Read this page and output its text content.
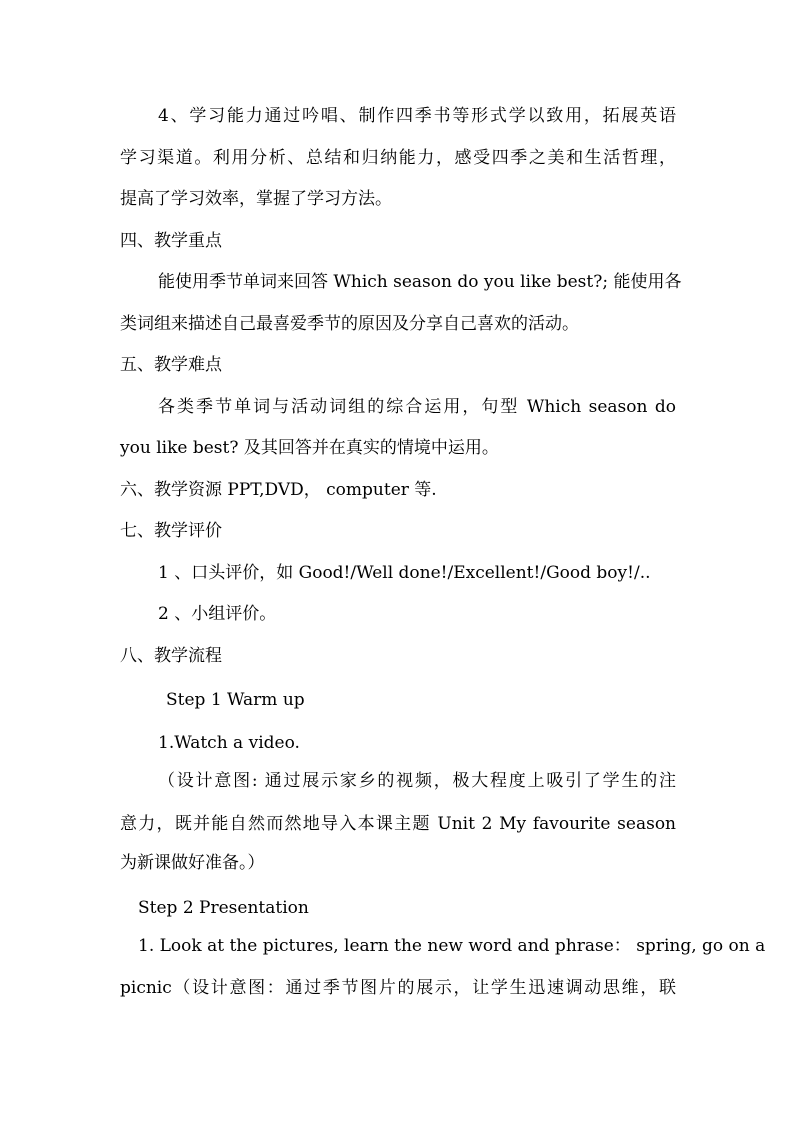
4、学习能力通过吟唱、制作四季书等形式学以致用，拓展英语
学习渠道。利用分析、总结和归纳能力，感受四季之美和生活哲理，
提高了学习效率，掌握了学习方法。
四、教学重点
能使用季节单词来回答 Which season do you like best?; 能使用各
类词组来描述自己最喜爱季节的原因及分享自己喜欢的活动。
五、教学难点
各类季节单词与活动词组的综合运用，句型 Which season do
you like best? 及其回答并在真实的情境中运用。
六、教学资源 PPT,DVD， computer 等.
七、教学评价
1 、口头评价，如 Good!/Well done!/Excellent!/Good boy!/..
2 、小组评价。
八、教学流程
Step 1 Warm up
1.Watch a video.
（设计意图: 通过展示家乡的视频，极大程度上吸引了学生的注
意力，既并能自然而然地导入本课主题 Unit 2 My favourite season
为新课做好准备。）
Step 2 Presentation
1. Look at the pictures, learn the new word and phrase： spring, go on a
picnic（设计意图：通过季节图片的展示，让学生迅速调动思维，联
